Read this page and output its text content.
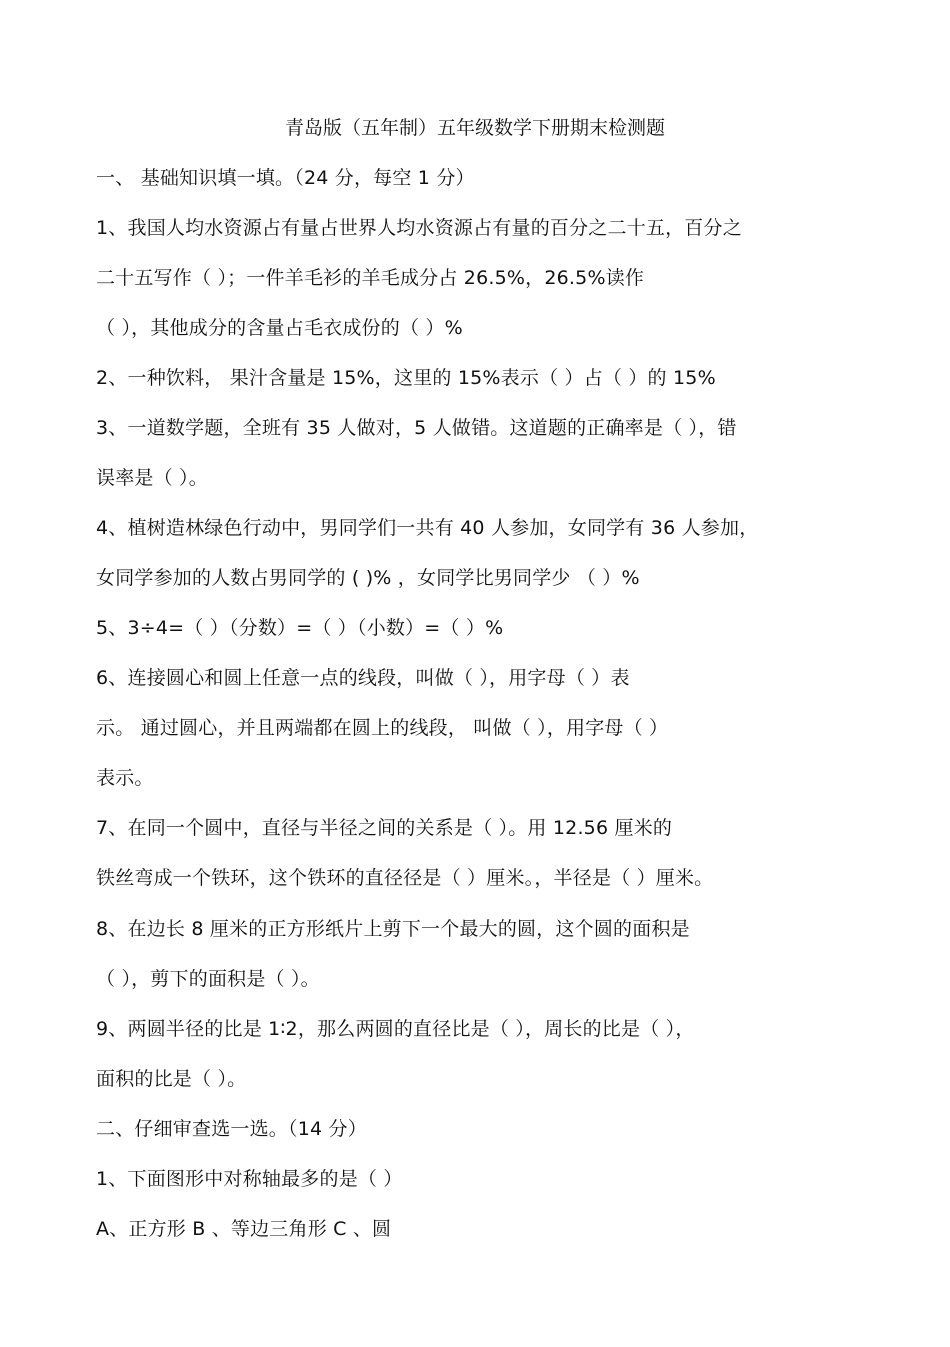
青岛版（五年制）五年级数学下册期末检测题
一、 基础知识填一填。（24 分，每空 1 分）
1、我国人均水资源占有量占世界人均水资源占有量的百分之二十五，百分之
二十五写作（ ）；一件羊毛衫的羊毛成分占 26.5%，26.5%读作
（ ），其他成分的含量占毛衣成份的（ ）%
2、一种饮料， 果汁含量是 15%，这里的 15%表示（ ）占（ ）的 15%
3、一道数学题，全班有 35 人做对，5 人做错。这道题的正确率是（ ），错
误率是（ ）。
4、植树造林绿色行动中，男同学们一共有 40 人参加，女同学有 36 人参加，
女同学参加的人数占男同学的 ( )% ，女同学比男同学少 （ ）%
5、3÷4=（ ）（分数）=（ ）（小数）=（ ）%
6、连接圆心和圆上任意一点的线段，叫做（ ），用字母（ ）表
示。 通过圆心，并且两端都在圆上的线段， 叫做（ ），用字母（ ）
表示。
7、在同一个圆中，直径与半径之间的关系是（ ）。用 12.56 厘米的
铁丝弯成一个铁环，这个铁环的直径径是（ ）厘米。，半径是（ ）厘米。
8、在边长 8 厘米的正方形纸片上剪下一个最大的圆，这个圆的面积是
（ ），剪下的面积是（ ）。
9、两圆半径的比是 1∶2，那么两圆的直径比是（ ），周长的比是（ ），
面积的比是（ ）。
二、仔细审查选一选。（14 分）
1、下面图形中对称轴最多的是（ ）
A、正方形 B 、等边三角形 C 、圆
